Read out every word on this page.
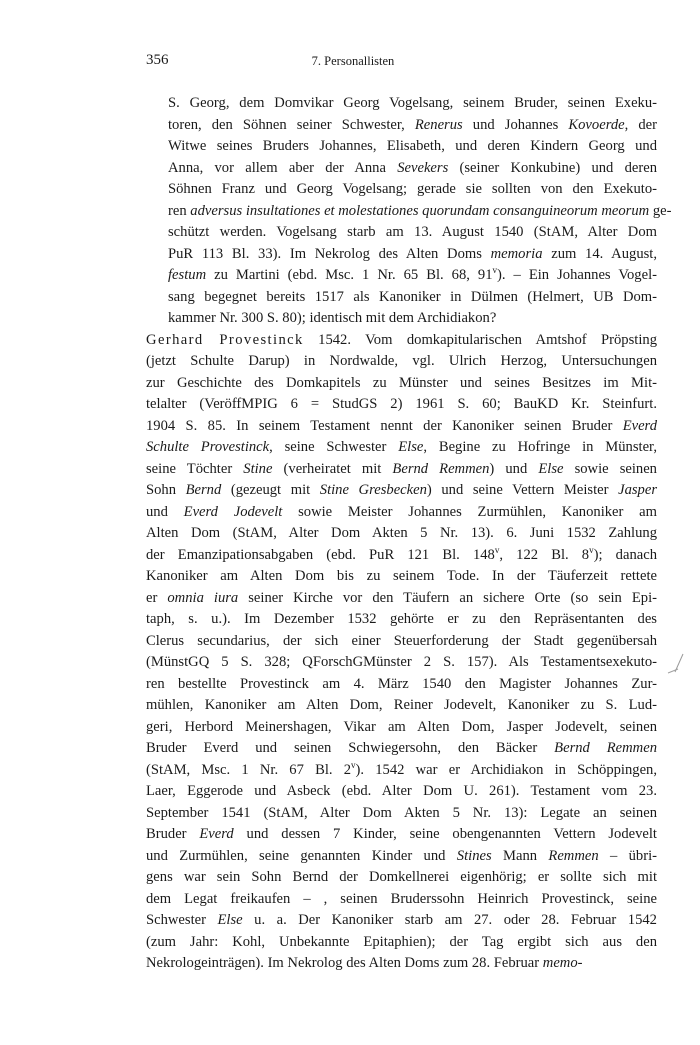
356	7. Personallisten

S. Georg, dem Domvikar Georg Vogelsang, seinem Bruder, seinen Exeku-
toren, den Söhnen seiner Schwester, Renerus und Johannes Kovoerde, der
Witwe seines Bruders Johannes, Elisabeth, und deren Kindern Georg und
Anna, vor allem aber der Anna Sevekers (seiner Konkubine) und deren
Söhnen Franz und Georg Vogelsang; gerade sie sollten von den Exekuto-
ren adversus insultationes et molestationes quorundam consanguineorum meorum ge-
schützt werden. Vogelsang starb am 13. August 1540 (StAM, Alter Dom
PuR 113 Bl. 33). Im Nekrolog des Alten Doms memoria zum 14. August,
festum zu Martini (ebd. Msc. 1 Nr. 65 Bl. 68, 91$^v$). – Ein Johannes Vogel-
sang begegnet bereits 1517 als Kanoniker in Dülmen (Helmert, UB Dom-
kammer Nr. 300 S. 80); identisch mit dem Archidiakon?

Gerhard Provestinck 1542. Vom domkapitularischen Amtshof Pröpsting
(jetzt Schulte Darup) in Nordwalde, vgl. Ulrich Herzog, Untersuchungen
zur Geschichte des Domkapitels zu Münster und seines Besitzes im Mit-
telalter (VeröffMPIG 6 = StudGS 2) 1961 S. 60; BauKD Kr. Steinfurt.
1904 S. 85. In seinem Testament nennt der Kanoniker seinen Bruder Everd
Schulte Provestinck, seine Schwester Else, Begine zu Hofringe in Münster,
seine Töchter Stine (verheiratet mit Bernd Remmen) und Else sowie seinen
Sohn Bernd (gezeugt mit Stine Gresbecken) und seine Vettern Meister Jasper
und Everd Jodevelt sowie Meister Johannes Zurmühlen, Kanoniker am
Alten Dom (StAM, Alter Dom Akten 5 Nr. 13). 6. Juni 1532 Zahlung
der Emanzipationsabgaben (ebd. PuR 121 Bl. 148$^v$, 122 Bl. 8$^v$); danach
Kanoniker am Alten Dom bis zu seinem Tode. In der Täuferzeit rettete
er omnia iura seiner Kirche vor den Täufern an sichere Orte (so sein Epi-
taph, s. u.). Im Dezember 1532 gehörte er zu den Repräsentanten des
Clerus secundarius, der sich einer Steuerforderung der Stadt gegenübersah
(MünstGQ 5 S. 328; QForschGMünster 2 S. 157). Als Testamentsexekuto-
ren bestellte Provestinck am 4. März 1540 den Magister Johannes Zur-
mühlen, Kanoniker am Alten Dom, Reiner Jodevelt, Kanoniker zu S. Lud-
geri, Herbord Meinershagen, Vikar am Alten Dom, Jasper Jodevelt, seinen
Bruder Everd und seinen Schwiegersohn, den Bäcker Bernd Remmen
(StAM, Msc. 1 Nr. 67 Bl. 2$^v$). 1542 war er Archidiakon in Schöppingen,
Laer, Eggerode und Asbeck (ebd. Alter Dom U. 261). Testament vom 23.
September 1541 (StAM, Alter Dom Akten 5 Nr. 13): Legate an seinen
Bruder Everd und dessen 7 Kinder, seine obengenannten Vettern Jodevelt
und Zurmühlen, seine genannten Kinder und Stines Mann Remmen – übri-
gens war sein Sohn Bernd der Domkellnerei eigenhörig; er sollte sich mit
dem Legat freikaufen – , seinen Bruderssohn Heinrich Provestinck, seine
Schwester Else u. a. Der Kanoniker starb am 27. oder 28. Februar 1542
(zum Jahr: Kohl, Unbekannte Epitaphien); der Tag ergibt sich aus den
Nekrologeinträgen). Im Nekrolog des Alten Doms zum 28. Februar memo-
